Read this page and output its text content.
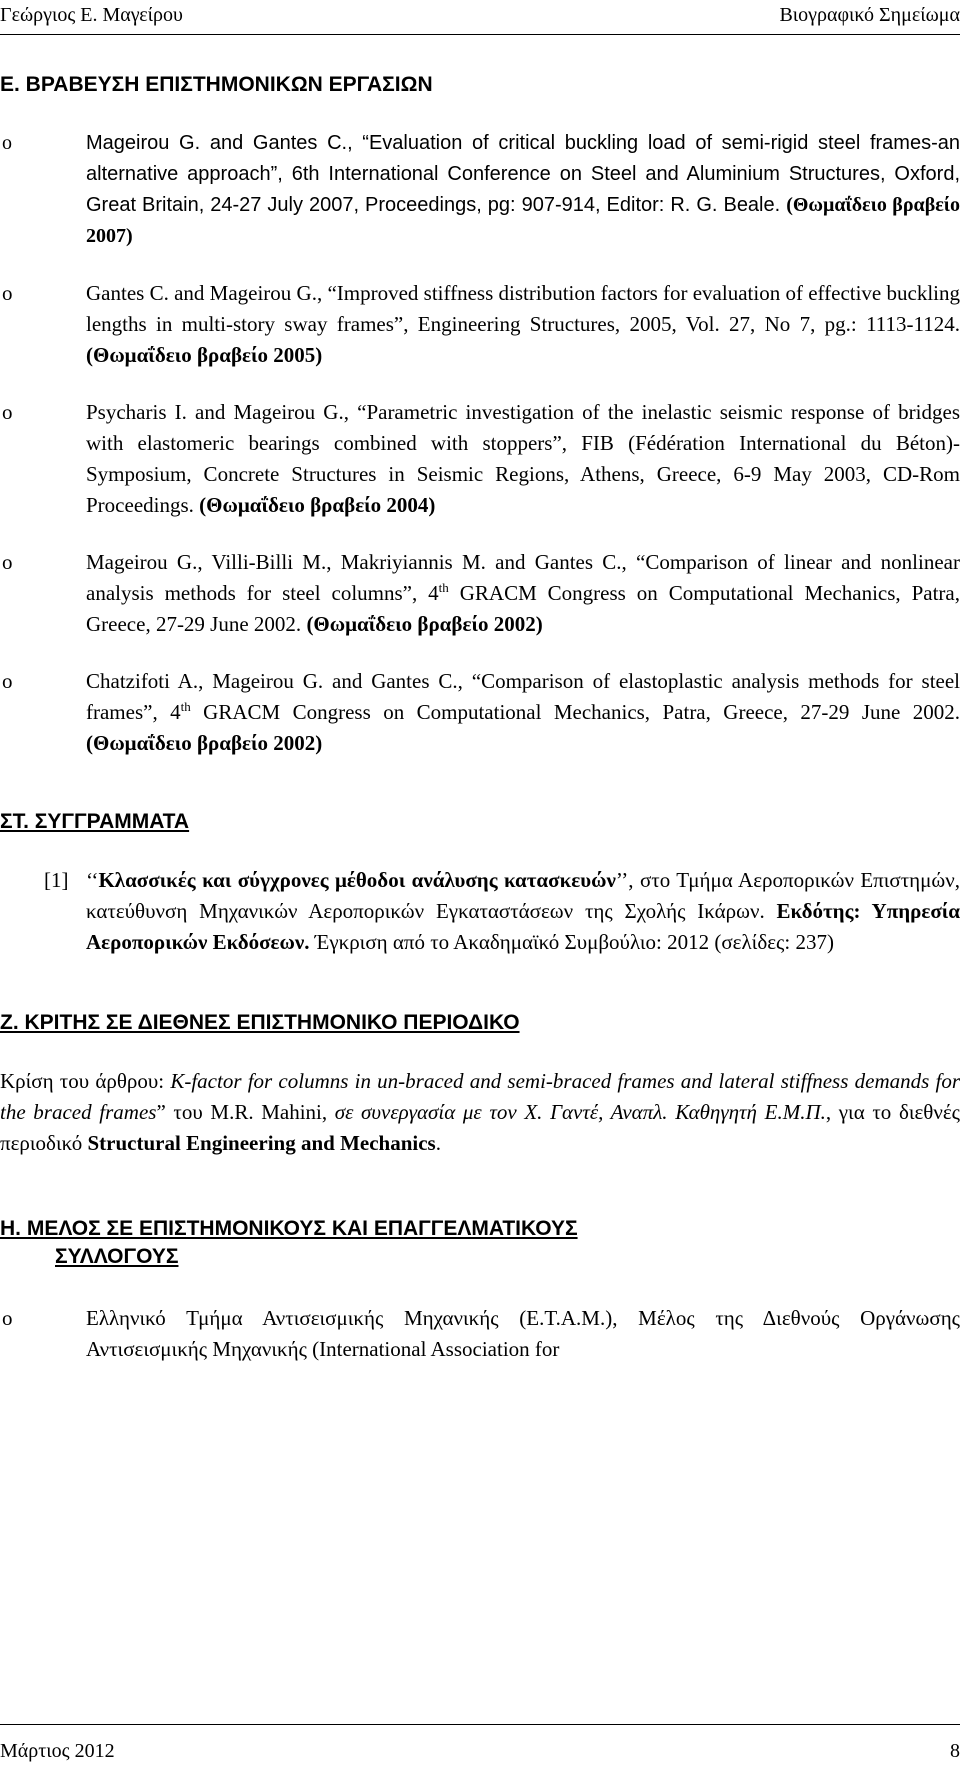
Γεώργιος Ε. Μαγείρου	Βιογραφικό Σημείωμα
Ε. ΒΡΑΒΕΥΣΗ ΕΠΙΣΤΗΜΟΝΙΚΩΝ ΕΡΓΑΣΙΩΝ
o	Mageirou G. and Gantes C., “Evaluation of critical buckling load of semi-rigid steel frames-an alternative approach”, 6th International Conference on Steel and Aluminium Structures, Oxford, Great Britain, 24-27 July 2007, Proceedings, pg: 907-914, Editor: R. G. Beale. (Θωμαΐδειο βραβείο 2007)
o	Gantes C. and Mageirou G., “Improved stiffness distribution factors for evaluation of effective buckling lengths in multi-story sway frames”, Engineering Structures, 2005, Vol. 27, No 7, pg.: 1113-1124. (Θωμαΐδειο βραβείο 2005)
o	Psycharis I. and Mageirou G., “Parametric investigation of the inelastic seismic response of bridges with elastomeric bearings combined with stoppers”, FIB (Fédération International du Béton)-Symposium, Concrete Structures in Seismic Regions, Athens, Greece, 6-9 May 2003, CD-Rom Proceedings. (Θωμαΐδειο βραβείο 2004)
o	Mageirou G., Villi-Billi M., Makriyiannis M. and Gantes C., “Comparison of linear and nonlinear analysis methods for steel columns”, 4th GRACM Congress on Computational Mechanics, Patra, Greece, 27-29 June 2002. (Θωμαΐδειο βραβείο 2002)
o	Chatzifoti A., Mageirou G. and Gantes C., “Comparison of elastoplastic analysis methods for steel frames”, 4th GRACM Congress on Computational Mechanics, Patra, Greece, 27-29 June 2002. (Θωμαΐδειο βραβείο 2002)
ΣΤ. ΣΥΓΓΡΑΜΜΑΤΑ
[1] ‘‘Κλασσικές και σύγχρονες μέθοδοι ανάλυσης κατασκευών’’, στο Τμήμα Αεροπορικών Επιστημών, κατεύθυνση Μηχανικών Αεροπορικών Εγκαταστάσεων της Σχολής Ικάρων. Εκδότης: Υπηρεσία Αεροπορικών Εκδόσεων. Έγκριση από το Ακαδημαϊκό Συμβούλιο: 2012 (σελίδες: 237)
Ζ. ΚΡΙΤΗΣ ΣΕ ΔΙΕΘΝΕΣ ΕΠΙΣΤΗΜΟΝΙΚΟ ΠΕΡΙΟΔΙΚΟ
Κρίση του άρθρου: K-factor for columns in un-braced and semi-braced frames and lateral stiffness demands for the braced frames” του M.R. Mahini, σε συνεργασία με τον Χ. Γαντέ, Αναπλ. Καθηγητή Ε.Μ.Π., για το διεθνές περιοδικό Structural Engineering and Mechanics.
Η. ΜΕΛΟΣ ΣΕ ΕΠΙΣΤΗΜΟΝΙΚΟΥΣ ΚΑΙ ΕΠΑΓΓΕΛΜΑΤΙΚΟΥΣ
ΣΥΛΛΟΓΟΥΣ
o	Ελληνικό Τμήμα Αντισεισμικής Μηχανικής (Ε.Τ.Α.Μ.), Μέλος της Διεθνούς Οργάνωσης Αντισεισμικής Μηχανικής (International Association for
Μάρτιος 2012	8
